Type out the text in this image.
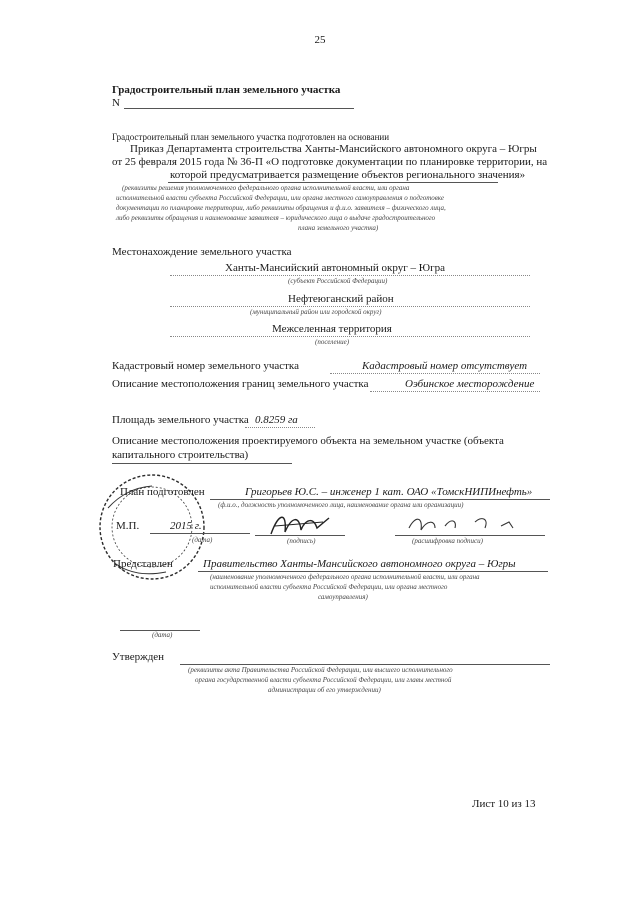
25
Градостроительный план земельного участка
N
Градостроительный план земельного участка подготовлен на основании
Приказ Департамента строительства Ханты-Мансийского автономного округа – Югры
от 25 февраля 2015 года № 36-П «О подготовке документации по планировке территории, на
которой предусматривается размещение объектов регионального значения»
(реквизиты решения уполномоченного федерального органа исполнительной власти, или органа
исполнительной власти субъекта Российской Федерации, или органа местного самоуправления о подготовке
документации по планировке территории, либо реквизиты обращения и ф.и.о. заявителя – физического лица,
либо реквизиты обращения и наименование заявителя – юридического лица о выдаче градостроительного
плана земельного участка)
Местонахождение земельного участка
Ханты-Мансийский автономный округ – Югра
(субъект Российской Федерации)
Нефтеюганский район
(муниципальный район или городской округ)
Межселенная территория
(поселение)
Кадастровый номер земельного участка	Кадастровый номер отсутствует
Описание местоположения границ земельного участка	Оэбинское месторождение
Площадь земельного участка 0.8259 га
Описание местоположения проектируемого объекта на земельном участке (объекта
капитального строительства)
План подготовлен	Григорьев Ю.С. – инженер 1 кат. ОАО «ТомскНИПИнефть»
(ф.и.о., должность уполномоченного лица, наименование органа или организации)
М.П.	2015 г.
(дата)	(подпись)	(расшифровка подписи)
Представлен	Правительство Ханты-Мансийского автономного округа – Югры
(наименование уполномоченного федерального органа исполнительной власти, или органа
исполнительной власти субъекта Российской Федерации, или органа местного
самоуправления)
(дата)
Утвержден
(реквизиты акта Правительства Российской Федерации, или высшего исполнительного
органа государственной власти субъекта Российской Федерации, или главы местной
администрации об его утверждении)
Лист 10 из 13
